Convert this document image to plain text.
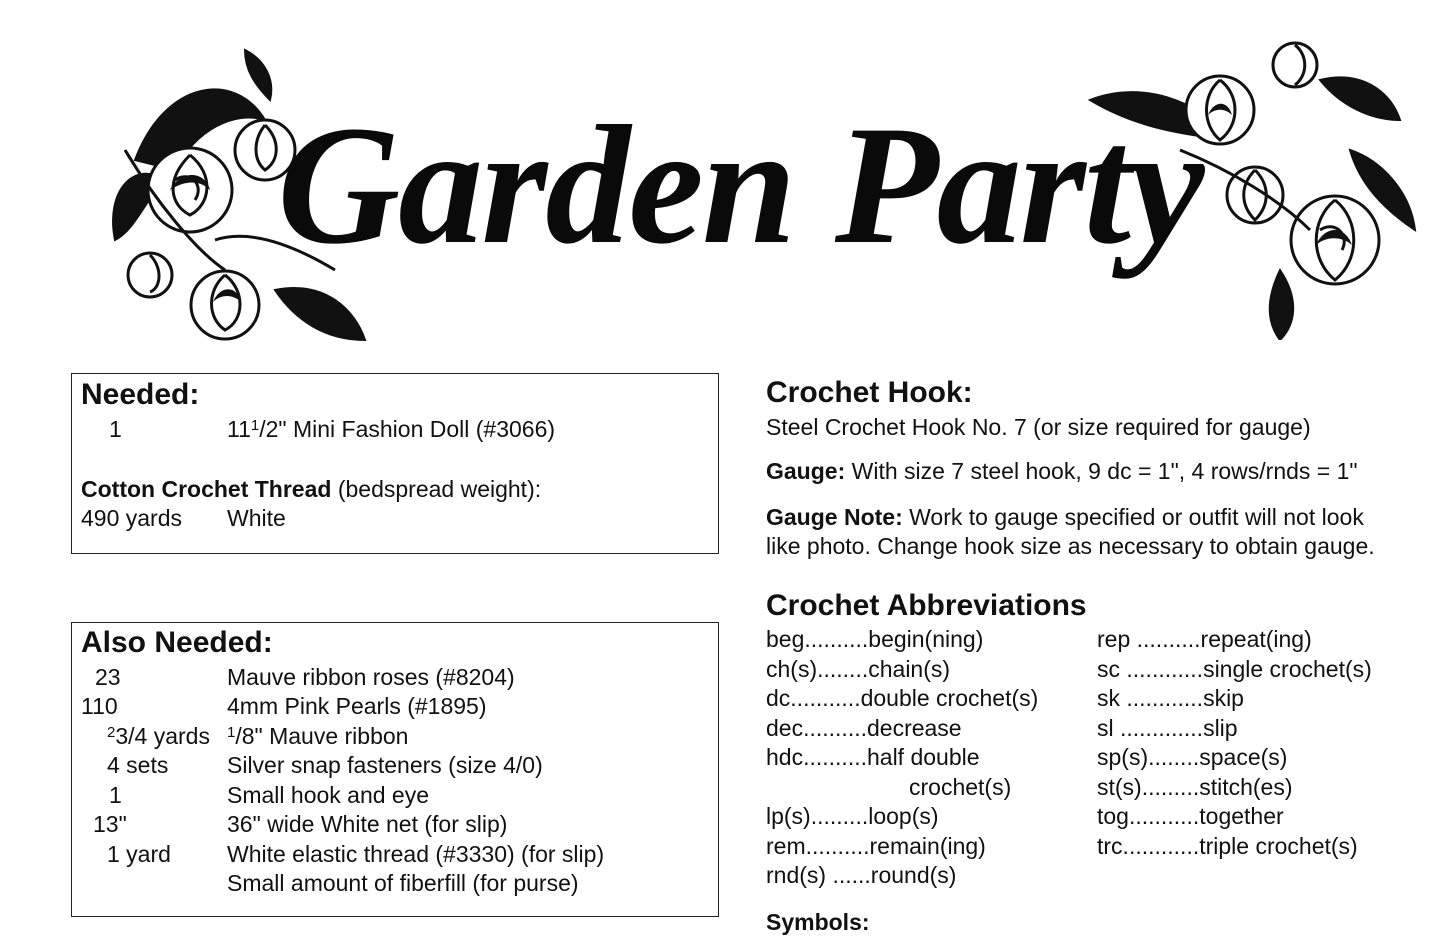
Garden Party
Needed:
1	$11^1/2$" Mini Fashion Doll (#3066)
Cotton Crochet Thread (bedspread weight):
490 yards White
Also Needed:
23	Mauve ribbon roses (#8204)
110	4mm Pink Pearls (#1895)
$^2$3/4 yards $^1$/8" Mauve ribbon
4 sets	Silver snap fasteners (size 4/0)
1	Small hook and eye
13"	36" wide White net (for slip)
1 yard White elastic thread (#3330) (for slip)
Small amount of fiberfill (for purse)
Crochet Hook:
Steel Crochet Hook No. 7 (or size required for gauge)
Gauge: With size 7 steel hook, 9 dc = 1", 4 rows/rnds = 1"
Gauge Note: Work to gauge specified or outfit will not look
like photo. Change hook size as necessary to obtain gauge.
Crochet Abbreviations
beg..........begin(ning)
ch(s)........chain(s)
dc...........double crochet(s)
dec..........decrease
hdc..........half double
crochet(s)
lp(s).........loop(s)
rem..........remain(ing)
rnd(s) ......round(s)
rep ..........repeat(ing)
sc ............single crochet(s)
sk ............skip
sl .............slip
sp(s)........space(s)
st(s).........stitch(es)
tog...........together
trc............triple crochet(s)
Symbols:
